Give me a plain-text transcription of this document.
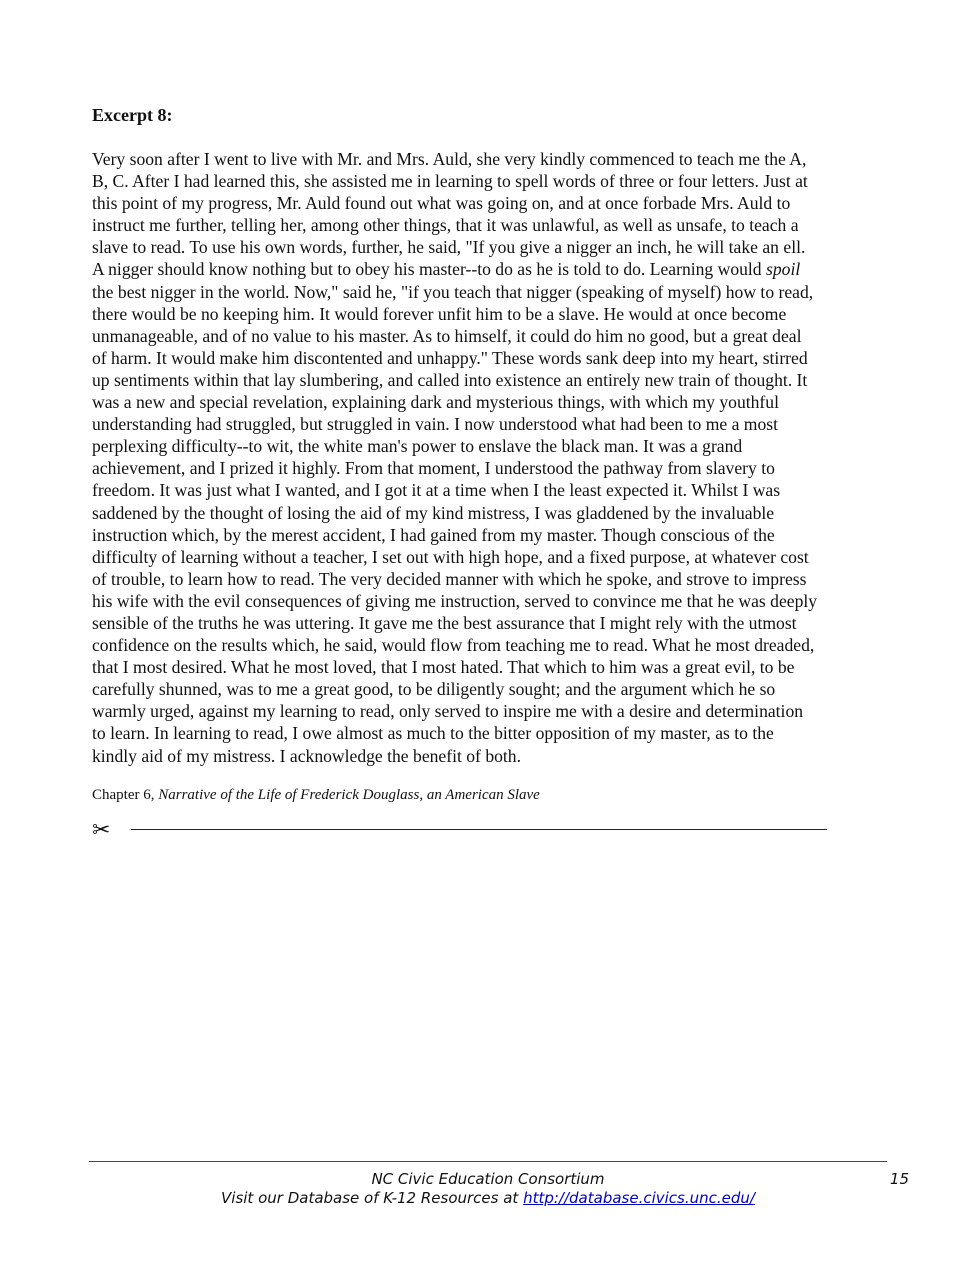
Excerpt 8:
Very soon after I went to live with Mr. and Mrs. Auld, she very kindly commenced to teach me the A,
B, C. After I had learned this, she assisted me in learning to spell words of three or four letters. Just at
this point of my progress, Mr. Auld found out what was going on, and at once forbade Mrs. Auld to
instruct me further, telling her, among other things, that it was unlawful, as well as unsafe, to teach a
slave to read. To use his own words, further, he said, "If you give a nigger an inch, he will take an ell.
A nigger should know nothing but to obey his master--to do as he is told to do. Learning would spoil
the best nigger in the world. Now," said he, "if you teach that nigger (speaking of myself) how to read,
there would be no keeping him. It would forever unfit him to be a slave. He would at once become
unmanageable, and of no value to his master. As to himself, it could do him no good, but a great deal
of harm. It would make him discontented and unhappy." These words sank deep into my heart, stirred
up sentiments within that lay slumbering, and called into existence an entirely new train of thought. It
was a new and special revelation, explaining dark and mysterious things, with which my youthful
understanding had struggled, but struggled in vain. I now understood what had been to me a most
perplexing difficulty--to wit, the white man's power to enslave the black man. It was a grand
achievement, and I prized it highly. From that moment, I understood the pathway from slavery to
freedom. It was just what I wanted, and I got it at a time when I the least expected it. Whilst I was
saddened by the thought of losing the aid of my kind mistress, I was gladdened by the invaluable
instruction which, by the merest accident, I had gained from my master. Though conscious of the
difficulty of learning without a teacher, I set out with high hope, and a fixed purpose, at whatever cost
of trouble, to learn how to read. The very decided manner with which he spoke, and strove to impress
his wife with the evil consequences of giving me instruction, served to convince me that he was deeply
sensible of the truths he was uttering. It gave me the best assurance that I might rely with the utmost
confidence on the results which, he said, would flow from teaching me to read. What he most dreaded,
that I most desired. What he most loved, that I most hated. That which to him was a great evil, to be
carefully shunned, was to me a great good, to be diligently sought; and the argument which he so
warmly urged, against my learning to read, only served to inspire me with a desire and determination
to learn. In learning to read, I owe almost as much to the bitter opposition of my master, as to the
kindly aid of my mistress. I acknowledge the benefit of both.
Chapter 6, Narrative of the Life of Frederick Douglass, an American Slave
✂
NC Civic Education Consortium
Visit our Database of K-12 Resources at http://database.civics.unc.edu/
15
